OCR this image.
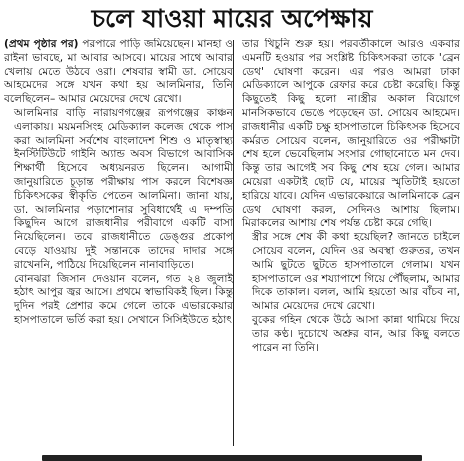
চলে যাওয়া মায়ের অপেক্ষায়

(প্রথম পৃষ্ঠার পর) পরপারে পাড়ি জমিয়েছেন। মানহা ও রাইনা ভাবছে, মা আবার আসবে। মায়ের সাথে আবার খেলায় মেতে উঠবে ওরা। শেষবার স্বামী ডা. সোয়েব আহমেদের সঙ্গে যখন কথা হয় আলমিনার, তিনি বলেছিলেন– আমার মেয়েদের দেখে রেখো।

আলমিনার বাড়ি নারায়ণগঞ্জের রূপগঞ্জের কাঞ্চন এলাকায়। ময়মনসিংহ মেডিক্যাল কলেজ থেকে পাস করা আলমিনা সর্বশেষ বাংলাদেশ শিশু ও মাতৃস্বাস্থ্য ইনস্টিটিউটে গাইনি অ্যান্ড অবস বিভাগে আবাসিক শিক্ষার্থী হিসেবে অধ্যয়নরত ছিলেন। আগামী জানুয়ারিতে চূড়ান্ত পরীক্ষায় পাস করলে বিশেষজ্ঞ চিকিৎসকের স্বীকৃতি পেতেন আলমিনা। জানা যায়, ডা. আলমিনার পড়াশোনার সুবিধার্থেই এ দম্পতি কিছুদিন আগে রাজধানীর পরীবাগে একটি বাসা নিয়েছিলেন। তবে রাজধানীতে ডেঙ্গুর প্রকোপ বেড়ে যাওয়ায় দুই সন্তানকে তাদের দাদার সঙ্গে রাখেননি, পাঠিয়ে দিয়েছিলেন নানাবাড়িতে।

বোনঝরা জিসান দেওয়ান বলেন, গত ২৪ জুলাই হঠাৎ আপুর জ্বর আসে। প্রথমে স্বাভাবিকই ছিল। কিন্তু দুদিন পরই প্রেশার কমে গেলে তাকে এভারকেয়ার হাসপাতালে ভর্তি করা হয়। সেখানে সিসিইউতে হঠাৎ

তার খিঁচুনি শুরু হয়। পরবর্তীকালে আরও একবার এমনটি হওয়ার পর সংশ্লিষ্ট চিকিৎসকরা তাকে 'ব্রেন ডেথ' ঘোষণা করেন। এর পরও আমরা ঢাকা মেডিক্যালে আপুকে রেফার করে চেষ্টা করেছি। কিন্তু কিছুতেই কিছু হলো না।স্ত্রীর অকাল বিয়োগে মানসিকভাবে ভেঙে পড়েছেন ডা. সোয়েব আহমেদ। রাজধানীর একটি চক্ষু হাসপাতালে চিকিৎসক হিসেবে কর্মরত সোয়েব বলেন, জানুয়ারিতে ওর পরীক্ষাটা শেষ হলে ভেবেছিলাম সংসার গোছানোতে মন দেব। কিন্তু তার আগেই সব কিছু শেষ হয়ে গেল। আমার মেয়েরা একটাই ছোট যে, মায়ের স্মৃতিটাই হয়তো হারিয়ে যাবে। যেদিন এভারকেয়ারে আলমিনাকে ব্রেন ডেথ ঘোষণা করল, সেদিনও আশায় ছিলাম। মিরাকলের আশায় শেষ পর্যন্ত চেষ্টা করে গেছি।

স্ত্রীর সঙ্গে শেষ কী কথা হয়েছিল? জানতে চাইলে সোয়েব বলেন, যেদিন ওর অবস্থা গুরুতর, তখন আমি ছুটতে ছুটতে হাসপাতালে গেলাম। যখন হাসপাতালে ওর শয্যাপাশে গিয়ে পৌঁছলাম, আমার দিকে তাকাল। বলল, আমি হয়তো আর বাঁচব না, আমার মেয়েদের দেখে রেখো।

বুকের গহিন থেকে উঠে আসা কান্না থামিয়ে দিয়ে তার কণ্ঠ। দুচোখে অশ্রুর বান, আর কিছু বলতে পারেন না তিনি।
